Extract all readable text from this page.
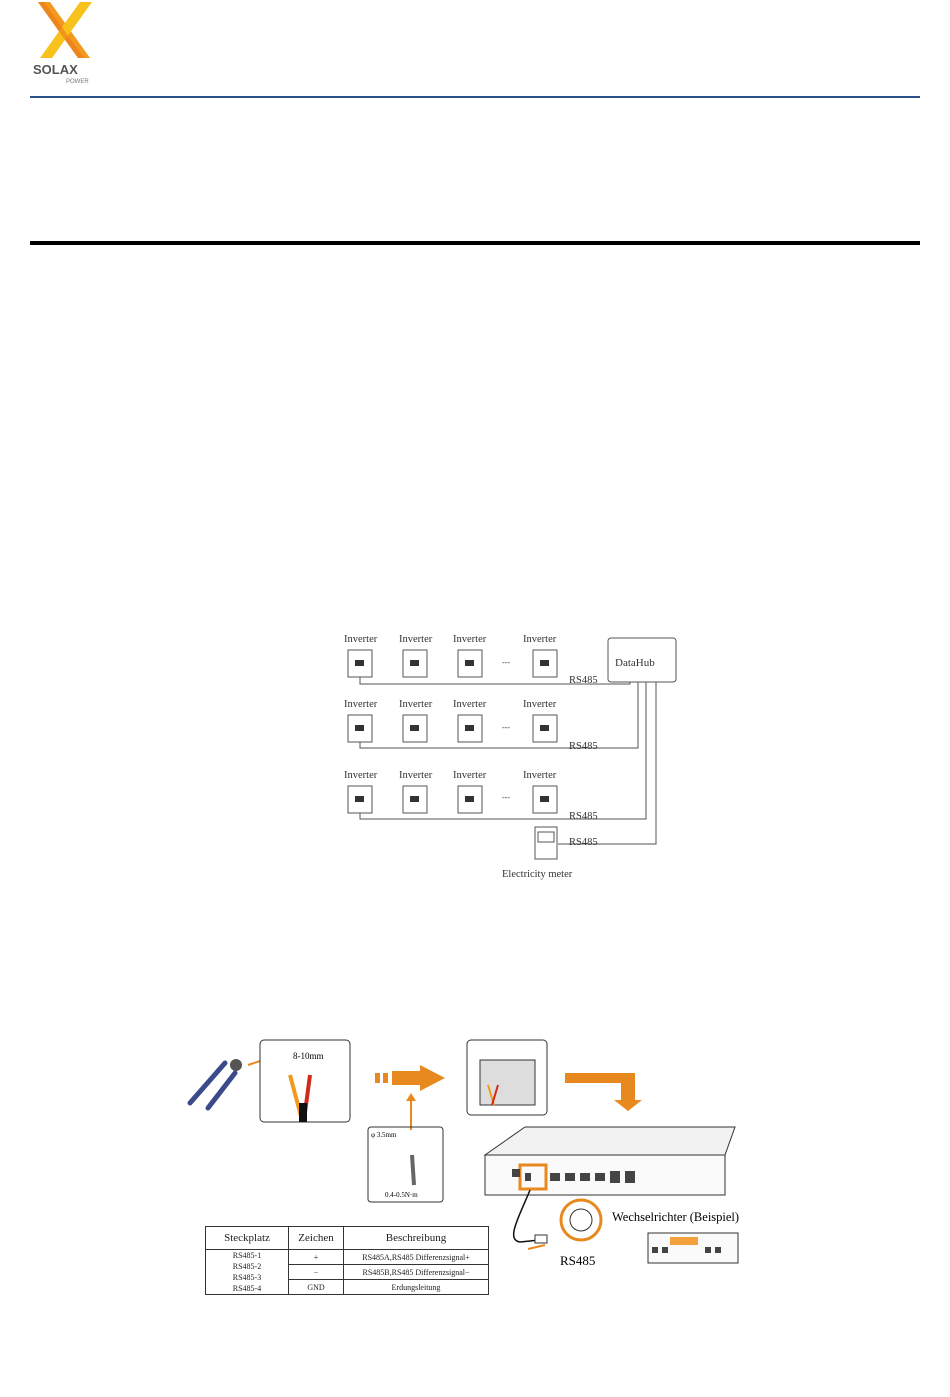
SOLAX
POWER
Inverter Inverter Inverter	Inverter
Inverter Inverter Inverter	Inverter
Inverter Inverter Inverter	Inverter
---
---
---
DataHub
RS485
RS485
RS485
RS485
Electricity meter
8-10mm
φ 3.5mm
0.4-0.5N·m
RS485
Wechselrichter (Beispiel)
Steckplatz	Zeichen	Beschreibung

RS485-1
RS485-2
RS485-3
RS485-4	+	RS485A,RS485 Differenzsignal+
	−	RS485B,RS485 Differenzsignal−
	GND	Erdungsleitung
